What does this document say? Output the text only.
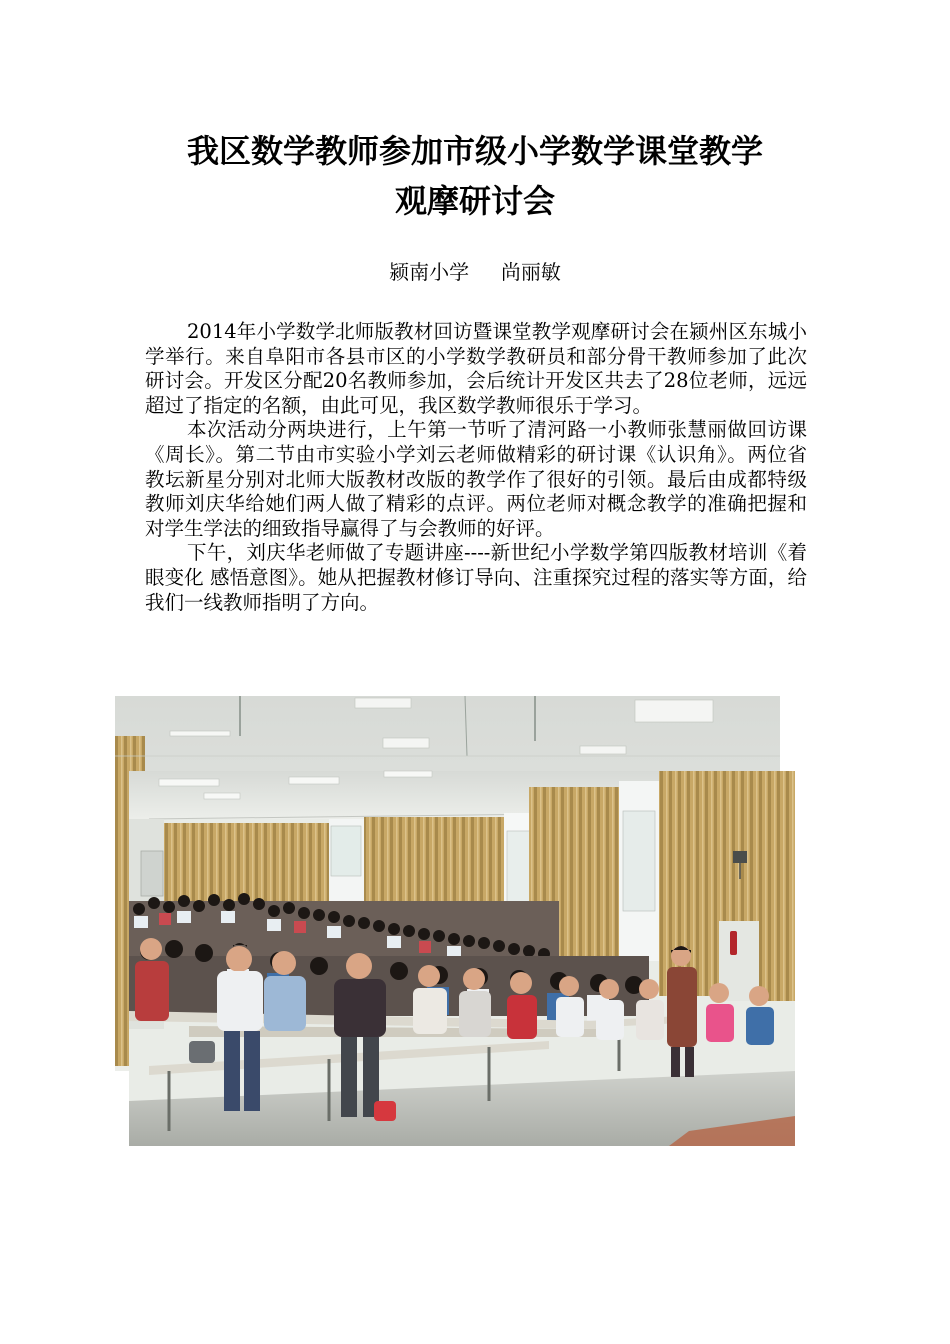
我区数学教师参加市级小学数学课堂教学
观摩研讨会
颍南小学     尚丽敏

2014年小学数学北师版教材回访暨课堂教学观摩研讨会在颍州区东城小学举行。来自阜阳市各县市区的小学数学教研员和部分骨干教师参加了此次研讨会。开发区分配20名教师参加，会后统计开发区共去了28位老师，远远超过了指定的名额，由此可见，我区数学教师很乐于学习。

本次活动分两块进行，上午第一节听了清河路一小教师张慧丽做回访课《周长》。第二节由市实验小学刘云老师做精彩的研讨课《认识角》。两位省教坛新星分别对北师大版教材改版的教学作了很好的引领。最后由成都特级教师刘庆华给她们两人做了精彩的点评。两位老师对概念教学的准确把握和对学生学法的细致指导赢得了与会教师的好评。

下午，刘庆华老师做了专题讲座----新世纪小学数学第四版教材培训《着眼变化 感悟意图》。她从把握教材修订导向、注重探究过程的落实等方面，给我们一线教师指明了方向。
